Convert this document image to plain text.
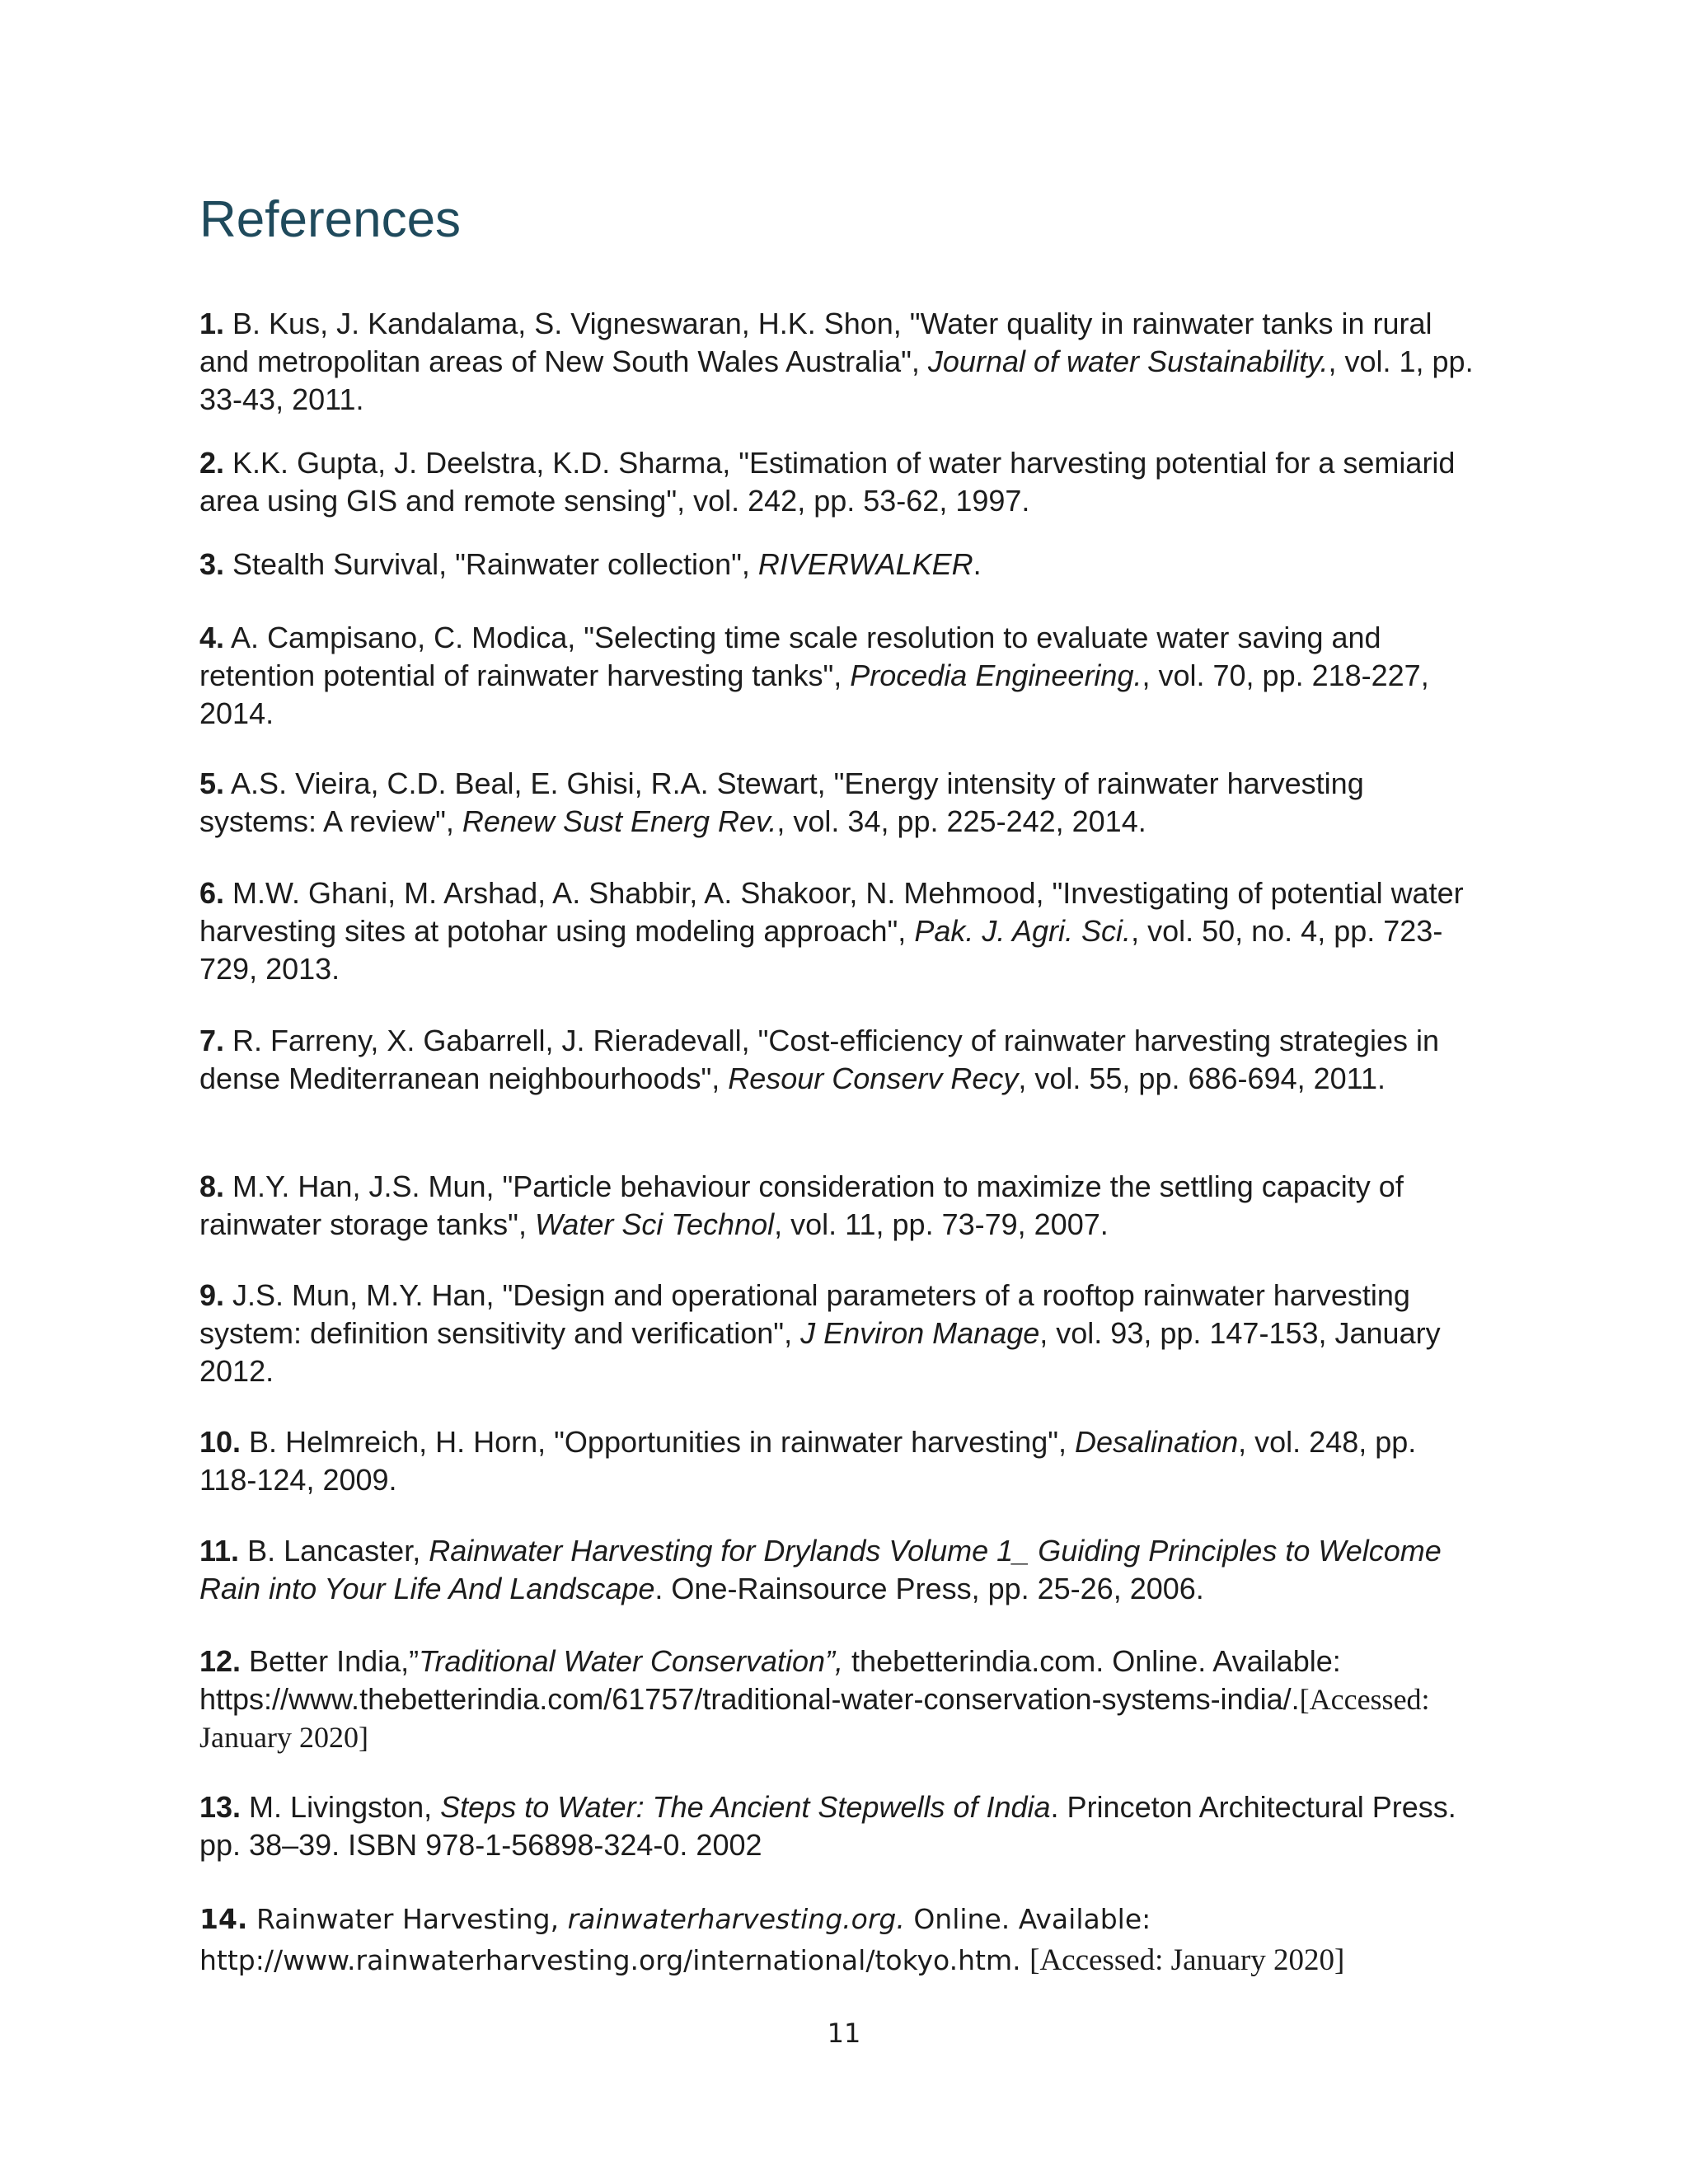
References

1. B. Kus, J. Kandalama, S. Vigneswaran, H.K. Shon, "Water quality in rainwater tanks in rural and metropolitan areas of New South Wales Australia", Journal of water Sustainability., vol. 1, pp. 33-43, 2011.

2. K.K. Gupta, J. Deelstra, K.D. Sharma, "Estimation of water harvesting potential for a semiarid area using GIS and remote sensing", vol. 242, pp. 53-62, 1997.

3. Stealth Survival, "Rainwater collection", RIVERWALKER.

4. A. Campisano, C. Modica, "Selecting time scale resolution to evaluate water saving and retention potential of rainwater harvesting tanks", Procedia Engineering., vol. 70, pp. 218-227, 2014.

5. A.S. Vieira, C.D. Beal, E. Ghisi, R.A. Stewart, "Energy intensity of rainwater harvesting systems: A review", Renew Sust Energ Rev., vol. 34, pp. 225-242, 2014.

6. M.W. Ghani, M. Arshad, A. Shabbir, A. Shakoor, N. Mehmood, "Investigating of potential water harvesting sites at potohar using modeling approach", Pak. J. Agri. Sci., vol. 50, no. 4, pp. 723-729, 2013.

7. R. Farreny, X. Gabarrell, J. Rieradevall, "Cost-efficiency of rainwater harvesting strategies in dense Mediterranean neighbourhoods", Resour Conserv Recy, vol. 55, pp. 686-694, 2011.

8. M.Y. Han, J.S. Mun, "Particle behaviour consideration to maximize the settling capacity of rainwater storage tanks", Water Sci Technol, vol. 11, pp. 73-79, 2007.

9. J.S. Mun, M.Y. Han, "Design and operational parameters of a rooftop rainwater harvesting system: definition sensitivity and verification", J Environ Manage, vol. 93, pp. 147-153, January 2012.

10. B. Helmreich, H. Horn, "Opportunities in rainwater harvesting", Desalination, vol. 248, pp. 118-124, 2009.

11. B. Lancaster, Rainwater Harvesting for Drylands Volume 1_ Guiding Principles to Welcome Rain into Your Life And Landscape. One-Rainsource Press, pp. 25-26, 2006.

12. Better India,”Traditional Water Conservation”, thebetterindia.com. Online. Available: https://www.thebetterindia.com/61757/traditional-water-conservation-systems-india/.[Accessed: January 2020]

13. M. Livingston, Steps to Water: The Ancient Stepwells of India. Princeton Architectural Press. pp. 38–39. ISBN 978-1-56898-324-0. 2002

14. Rainwater Harvesting, rainwaterharvesting.org. Online. Available: http://www.rainwaterharvesting.org/international/tokyo.htm. [Accessed: January 2020]

11
